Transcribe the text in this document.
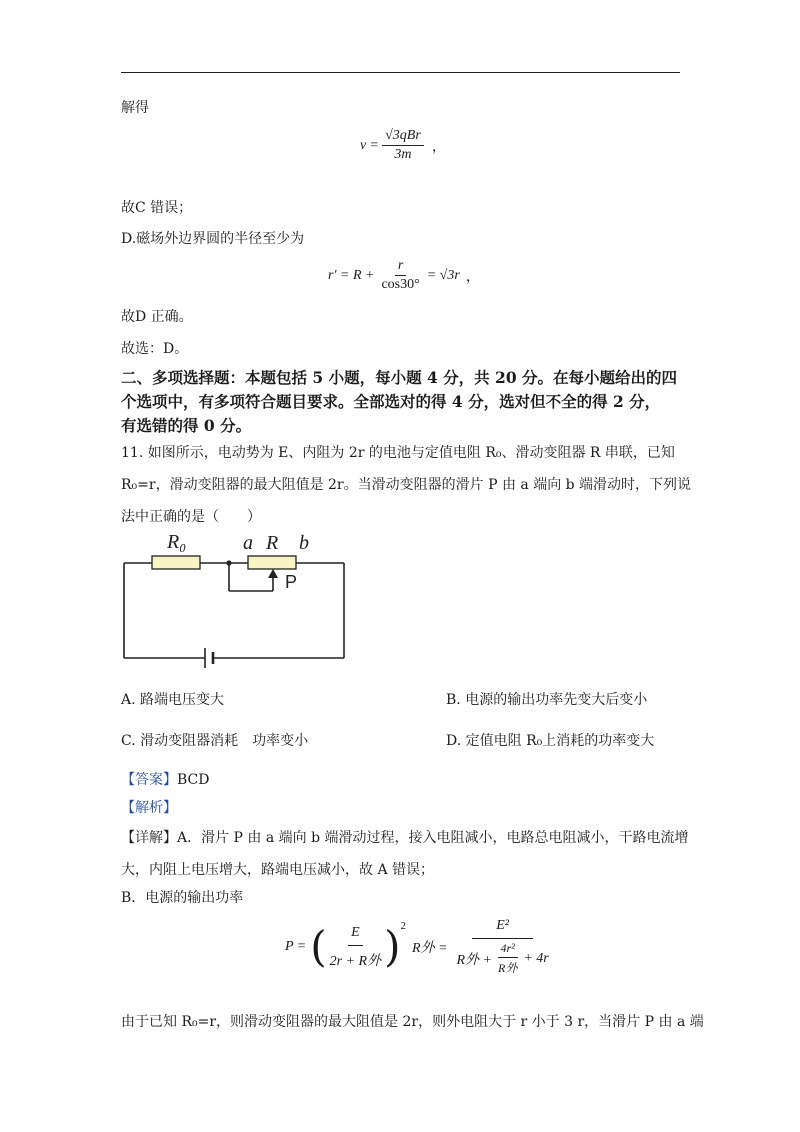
解得
$v = \frac{\text{√3qBr}}{3m}$ ，
故C 错误；
D.磁场外边界圆的半径至少为
$r' = R + \frac{r}{\cos 30^\circ} = √3r$ ，
故D 正确。
故选：D。
二、多项选择题：本题包括 5 小题，每小题 4 分，共 20 分。在每小题给出的四
个选项中，有多项符合题目要求。全部选对的得 4 分，选对但不全的得 2 分，
有选错的得 0 分。
11. 如图所示，电动势为 E、内阻为 2r 的电池与定值电阻 R₀、滑动变阻器 R 串联，已知
R₀=r，滑动变阻器的最大阻值是 2r。当滑动变阻器的滑片 P 由 a 端向 b 端滑动时，下列说
法中正确的是（　　）
R₀	a R b
P
A. 路端电压变大	B. 电源的输出功率先变大后变小
C. 滑动变阻器消耗　功率变小	D. 定值电阻 R₀上消耗的功率变大
【答案】BCD
【解析】
【详解】A．滑片 P 由 a 端向 b 端滑动过程，接入电阻减小，电路总电阻减小，干路电流增
大，内阻上电压增大，路端电压减小，故 A 错误；
B．电源的输出功率
P = ( $\frac{E}{\text{2r + R外}}$ ) 2
R外 = $\frac{\text{E²}}{R外 + \frac{\text{4r²}}{\text{R外}} + 4r}$
由于已知 R₀=r，则滑动变阻器的最大阻值是 2r，则外电阻大于 r 小于 3 r，当滑片 P 由 a 端
